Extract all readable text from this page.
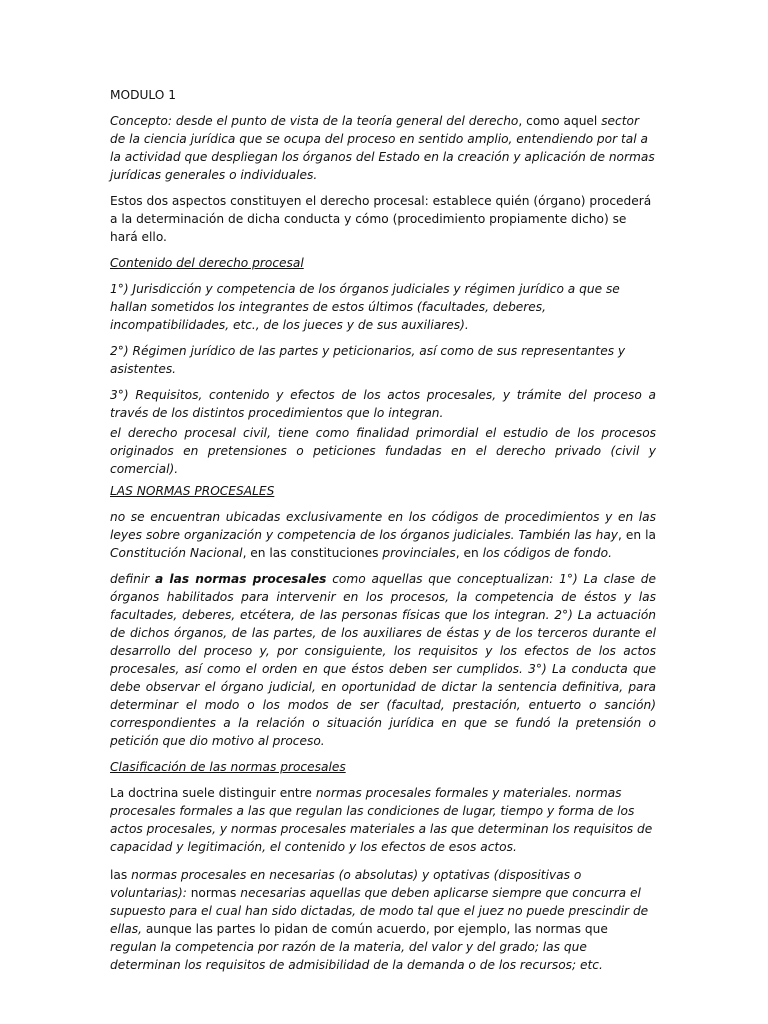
MODULO 1

Concepto: desde el punto de vista de la teoría general del derecho, como aquel sector de la ciencia jurídica que se ocupa del proceso en sentido amplio, entendiendo por tal a la actividad que despliegan los órganos del Estado en la creación y aplicación de normas jurídicas generales o individuales.

Estos dos aspectos constituyen el derecho procesal: establece quién (órgano) procederá a la determinación de dicha conducta y cómo (procedimiento propiamente dicho) se hará ello.

Contenido del derecho procesal

1°) Jurisdicción y competencia de los órganos judiciales y régimen jurídico a que se hallan sometidos los integrantes de estos últimos (facultades, deberes, incompatibilidades, etc., de los jueces y de sus auxiliares).

2°) Régimen jurídico de las partes y peticionarios, así como de sus representantes y asistentes.

3°) Requisitos, contenido y efectos de los actos procesales, y trámite del proceso a través de los distintos procedimientos que lo integran.

el derecho procesal civil, tiene como finalidad primordial el estudio de los procesos originados en pretensiones o peticiones fundadas en el derecho privado (civil y comercial).

LAS NORMAS PROCESALES

no se encuentran ubicadas exclusivamente en los códigos de procedimientos y en las leyes sobre organización y competencia de los órganos judiciales. También las hay, en la Constitución Nacional, en las constituciones provinciales, en los códigos de fondo.

definir a las normas procesales como aquellas que conceptualizan: 1°) La clase de órganos habilitados para intervenir en los procesos, la competencia de éstos y las facultades, deberes, etcétera, de las personas físicas que los integran. 2°) La actuación de dichos órganos, de las partes, de los auxiliares de éstas y de los terceros durante el desarrollo del proceso y, por consiguiente, los requisitos y los efectos de los actos procesales, así como el orden en que éstos deben ser cumplidos. 3°) La conducta que debe observar el órgano judicial, en oportunidad de dictar la sentencia definitiva, para determinar el modo o los modos de ser (facultad, prestación, entuerto o sanción) correspondientes a la relación o situación jurídica en que se fundó la pretensión o petición que dio motivo al proceso.

Clasificación de las normas procesales

La doctrina suele distinguir entre normas procesales formales y materiales. normas procesales formales a las que regulan las condiciones de lugar, tiempo y forma de los actos procesales, y normas procesales materiales a las que determinan los requisitos de capacidad y legitimación, el contenido y los efectos de esos actos.

las normas procesales en necesarias (o absolutas) y optativas (dispositivas o voluntarias): normas necesarias aquellas que deben aplicarse siempre que concurra el supuesto para el cual han sido dictadas, de modo tal que el juez no puede prescindir de ellas, aunque las partes lo pidan de común acuerdo, por ejemplo, las normas que regulan la competencia por razón de la materia, del valor y del grado; las que determinan los requisitos de admisibilidad de la demanda o de los recursos; etc.
